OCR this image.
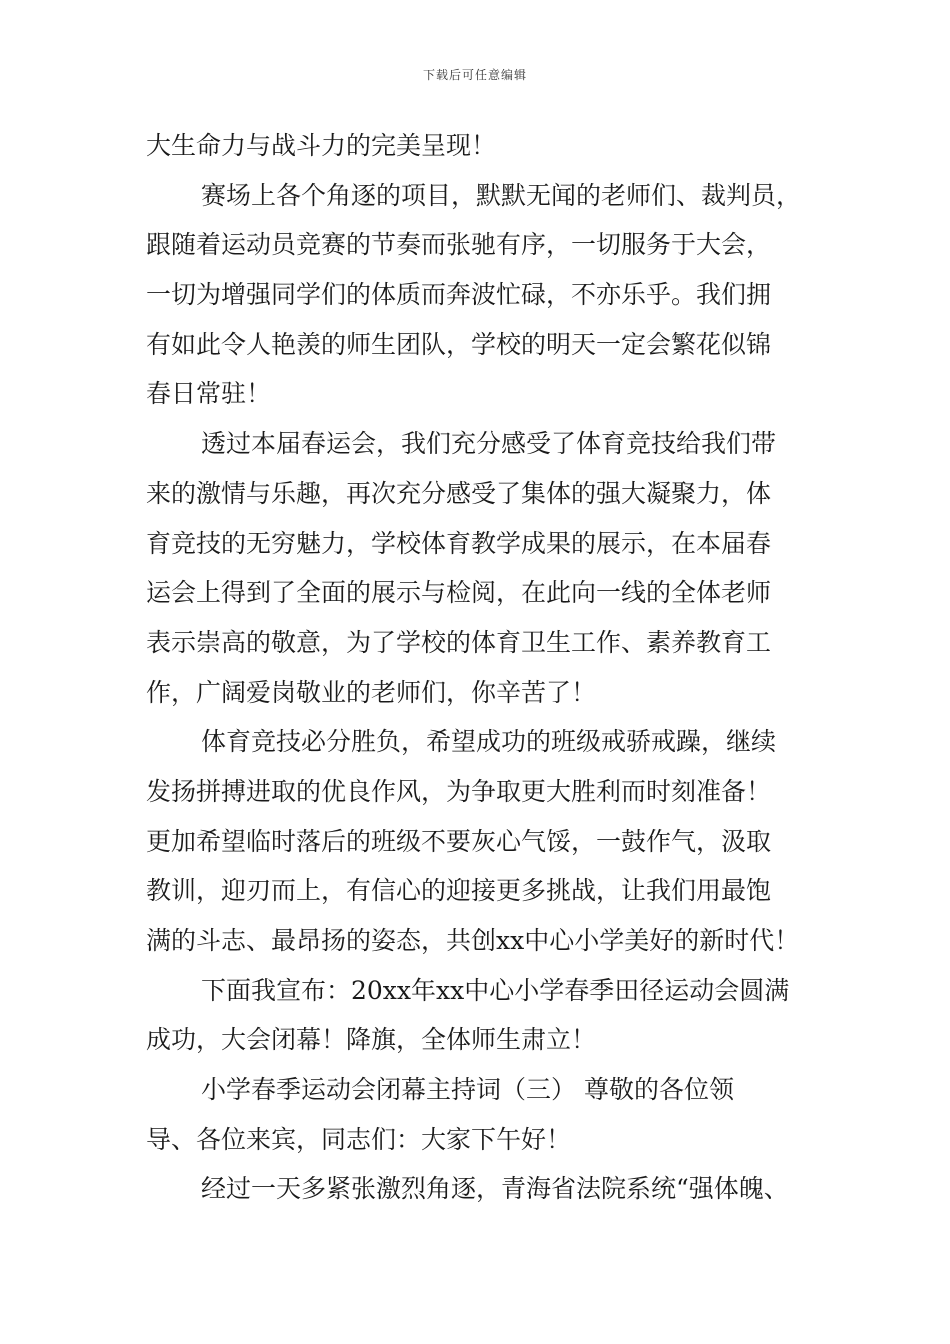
下载后可任意编辑
大生命力与战斗力的完美呈现！
赛场上各个角逐的项目，默默无闻的老师们、裁判员，
跟随着运动员竞赛的节奏而张驰有序，一切服务于大会，
一切为增强同学们的体质而奔波忙碌，不亦乐乎。我们拥
有如此令人艳羡的师生团队，学校的明天一定会繁花似锦
春日常驻！
透过本届春运会，我们充分感受了体育竞技给我们带
来的激情与乐趣，再次充分感受了集体的强大凝聚力，体
育竞技的无穷魅力，学校体育教学成果的展示，在本届春
运会上得到了全面的展示与检阅，在此向一线的全体老师
表示崇高的敬意，为了学校的体育卫生工作、素养教育工
作，广阔爱岗敬业的老师们，你辛苦了！
体育竞技必分胜负，希望成功的班级戒骄戒躁，继续
发扬拼搏进取的优良作风，为争取更大胜利而时刻准备！
更加希望临时落后的班级不要灰心气馁，一鼓作气，汲取
教训，迎刃而上，有信心的迎接更多挑战，让我们用最饱
满的斗志、最昂扬的姿态，共创xx中心小学美好的新时代！
下面我宣布：20xx年xx中心小学春季田径运动会圆满
成功，大会闭幕！降旗，全体师生肃立！
小学春季运动会闭幕主持词（三） 尊敬的各位领
导、各位来宾，同志们：大家下午好！
经过一天多紧张激烈角逐，青海省法院系统“强体魄、
